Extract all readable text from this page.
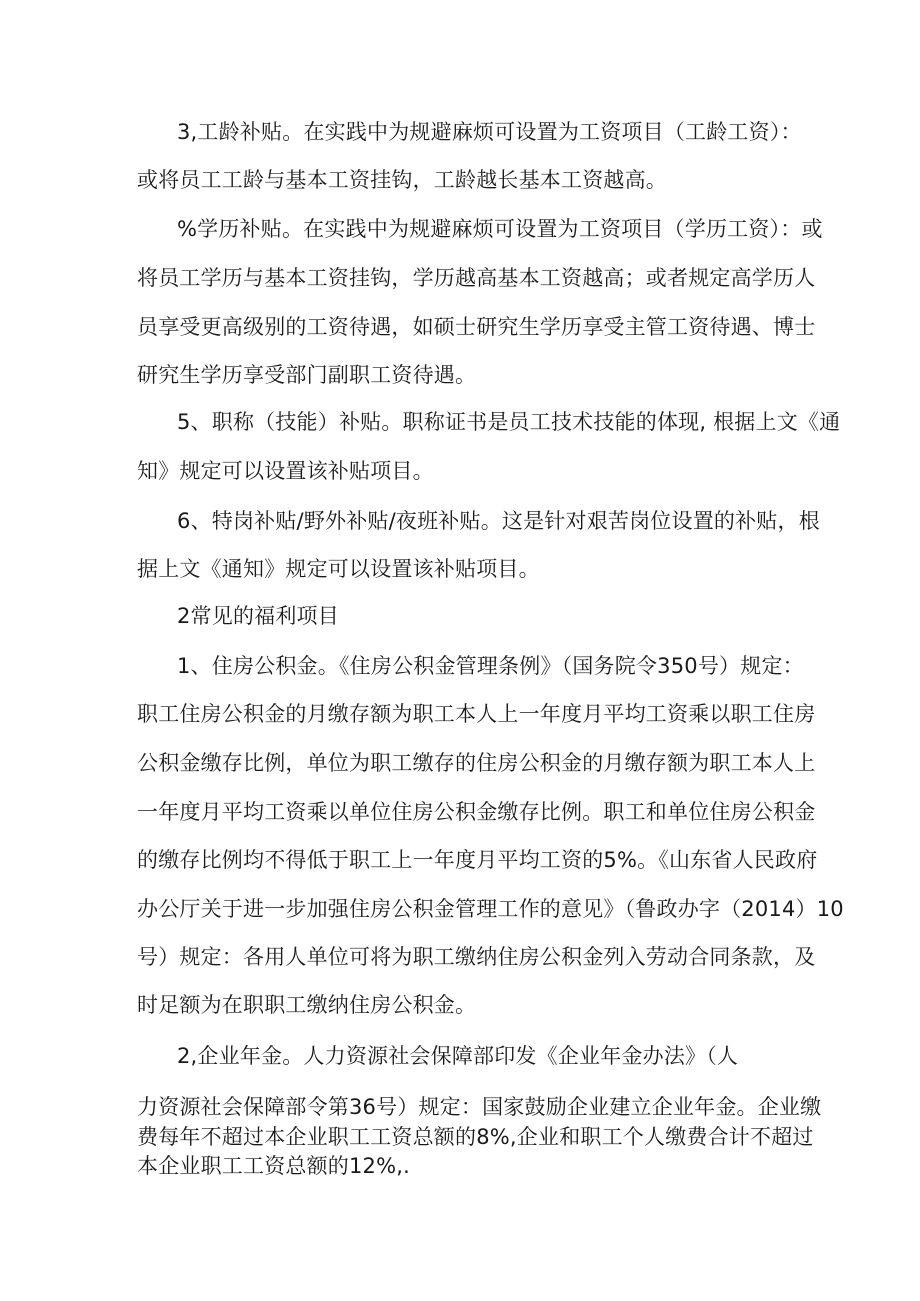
3,工龄补贴。在实践中为规避麻烦可设置为工资项目（工龄工资）：
或将员工工龄与基本工资挂钩，工龄越长基本工资越高。
%学历补贴。在实践中为规避麻烦可设置为工资项目（学历工资）：或
将员工学历与基本工资挂钩，学历越高基本工资越高；或者规定高学历人
员享受更高级别的工资待遇，如硕士研究生学历享受主管工资待遇、博士
研究生学历享受部门副职工资待遇。
5、职称（技能）补贴。职称证书是员工技术技能的体现, 根据上文《通
知》规定可以设置该补贴项目。
6、特岗补贴/野外补贴/夜班补贴。这是针对艰苦岗位设置的补贴，根
据上文《通知》规定可以设置该补贴项目。
2常见的福利项目
1、住房公积金。《住房公积金管理条例》（国务院令350号）规定：
职工住房公积金的月缴存额为职工本人上一年度月平均工资乘以职工住房
公积金缴存比例，单位为职工缴存的住房公积金的月缴存额为职工本人上
一年度月平均工资乘以单位住房公积金缴存比例。职工和单位住房公积金
的缴存比例均不得低于职工上一年度月平均工资的5%。《山东省人民政府
办公厅关于进一步加强住房公积金管理工作的意见》（鲁政办字（2014）10
号）规定：各用人单位可将为职工缴纳住房公积金列入劳动合同条款，及
时足额为在职职工缴纳住房公积金。
2,企业年金。人力资源社会保障部印发《企业年金办法》（人
力资源社会保障部令第36号）规定：国家鼓励企业建立企业年金。企业缴
费每年不超过本企业职工工资总额的8%,企业和职工个人缴费合计不超过
本企业职工工资总额的12%,.
